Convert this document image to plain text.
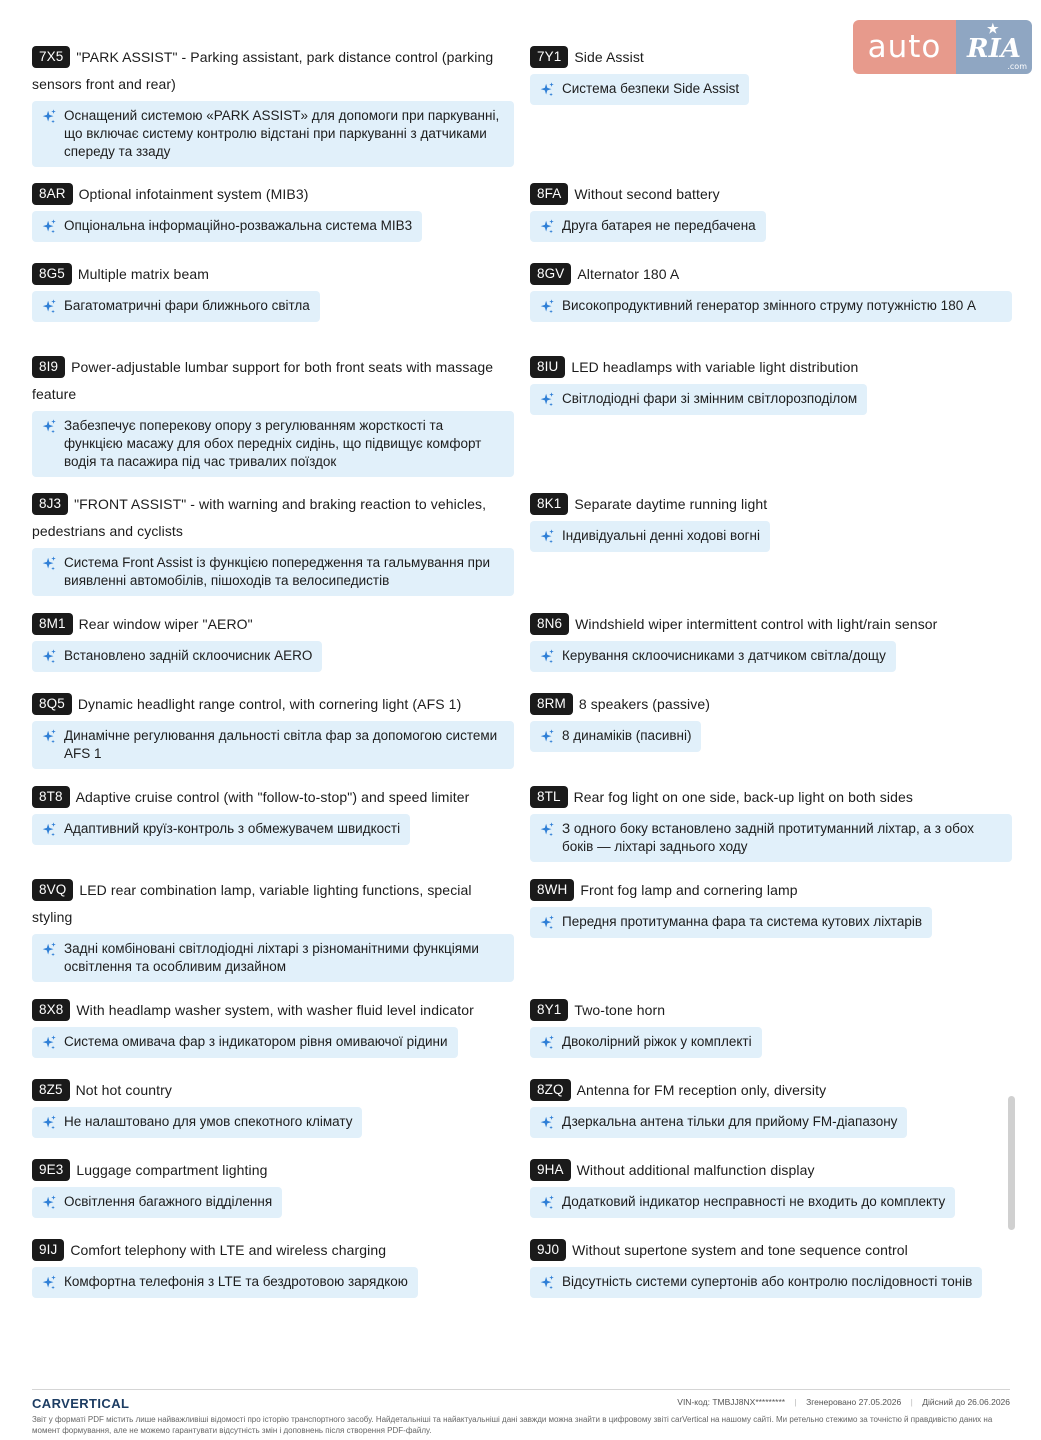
auto	★
RIA
.com
7X5 "PARK ASSIST" - Parking assistant, park distance control (parking sensors front and rear)
Оснащений системою «PARK ASSIST» для допомоги при паркуванні, що включає систему контролю відстані при паркуванні з датчиками спереду та ззаду
8AR Optional infotainment system (MIB3)
Опціональна інформаційно-розважальна система MIB3
8G5 Multiple matrix beam
Багатоматричні фари ближнього світла
8I9 Power-adjustable lumbar support for both front seats with massage feature
Забезпечує поперекову опору з регулюванням жорсткості та функцією масажу для обох передніх сидінь, що підвищує комфорт водія та пасажира під час тривалих поїздок
8J3 "FRONT ASSIST" - with warning and braking reaction to vehicles, pedestrians and cyclists
Система Front Assist із функцією попередження та гальмування при виявленні автомобілів, пішоходів та велосипедистів
8M1 Rear window wiper "AERO"
Встановлено задній склоочисник AERO
8Q5 Dynamic headlight range control, with cornering light (AFS 1)
Динамічне регулювання дальності світла фар за допомогою системи AFS 1
8T8 Adaptive cruise control (with "follow-to-stop") and speed limiter
Адаптивний круїз-контроль з обмежувачем швидкості
8VQ LED rear combination lamp, variable lighting functions, special styling
Задні комбіновані світлодіодні ліхтарі з різноманітними функціями освітлення та особливим дизайном
8X8 With headlamp washer system, with washer fluid level indicator
Система омивача фар з індикатором рівня омиваючої рідини
8Z5 Not hot country
Не налаштовано для умов спекотного клімату
9E3 Luggage compartment lighting
Освітлення багажного відділення
9IJ Comfort telephony with LTE and wireless charging
Комфортна телефонія з LTE та бездротовою зарядкою
7Y1 Side Assist
Система безпеки Side Assist
8FA Without second battery
Друга батарея не передбачена
8GV Alternator 180 A
Високопродуктивний генератор змінного струму потужністю 180 А
8IU LED headlamps with variable light distribution
Світлодіодні фари зі змінним світлорозподілом
8K1 Separate daytime running light
Індивідуальні денні ходові вогні
8N6 Windshield wiper intermittent control with light/rain sensor
Керування склоочисниками з датчиком світла/дощу
8RM 8 speakers (passive)
8 динаміків (пасивні)
8TL Rear fog light on one side, back-up light on both sides
З одного боку встановлено задній протитуманний ліхтар, а з обох боків — ліхтарі заднього ходу
8WH Front fog lamp and cornering lamp
Передня протитуманна фара та система кутових ліхтарів
8Y1 Two-tone horn
Двоколірний ріжок у комплекті
8ZQ Antenna for FM reception only, diversity
Дзеркальна антена тільки для прийому FM-діапазону
9HA Without additional malfunction display
Додатковий індикатор несправності не входить до комплекту
9J0 Without supertone system and tone sequence control
Відсутність системи супертонів або контролю послідовності тонів
CARVERTICAL	VIN-код: TMBJJ8NX********* | Згенеровано 27.05.2026 | Дійсний до 26.06.2026
Звіт у форматі PDF містить лише найважливіші відомості про історію транспортного засобу. Найдетальніші та найактуальніші дані завжди можна знайти в цифровому звіті carVertical на нашому сайті. Ми ретельно стежимо за точністю й правдивістю даних на момент формування, але не можемо гарантувати відсутність змін і доповнень після створення PDF-файлу.
